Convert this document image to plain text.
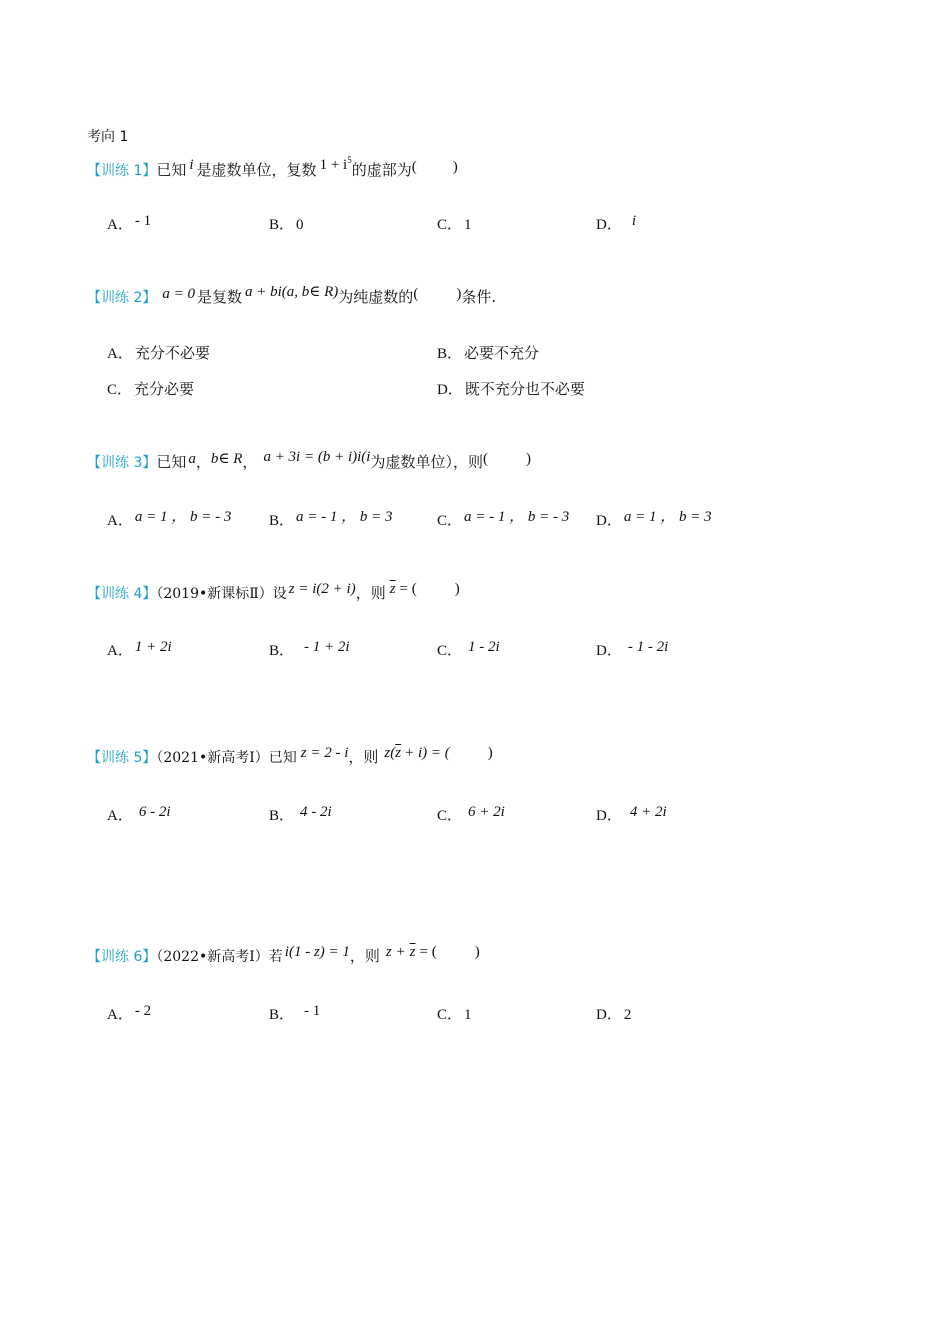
考向 1
【训练 1】已知 i 是虚数单位，复数 $1 + i^5$的虚部为( )
A． - 1	B． 0	C． 1	D． i
【训练 2】 a = 0 是复数 a + bi(a, b∈ R)为纯虚数的(	)条件.
A． 充分不必要	B． 必要不充分
C． 充分必要	D． 既不充分也不必要
【训练 3】已知 a，b∈ R， a + 3i = (b + i)i(i为虚数单位），则(	)
A． a = 1 ， b = - 3	B． a = - 1 ， b = 3	C． a = - 1 ， b = - 3 D． a = 1 ， b = 3
【训练 4】（2019•新课标Ⅱ）设 z = i(2 + i)，则 $\overline{z}$ = (	)
A． 1 + 2i	B． - 1 + 2i	C． 1 - 2i	D． - 1 - 2i
【训练 5】（2021•新高考Ⅰ）已知 z = 2 - i，则 $z(\overline{z} + i)$ = (	)
A． 6 - 2i	B． 4 - 2i	C． 6 + 2i	D． 4 + 2i
【训练 6】（2022•新高考Ⅰ）若 i(1 - z) = 1，则 $z + \overline{z}$ = (	)
A． - 2	B． - 1	C． 1	D． 2
